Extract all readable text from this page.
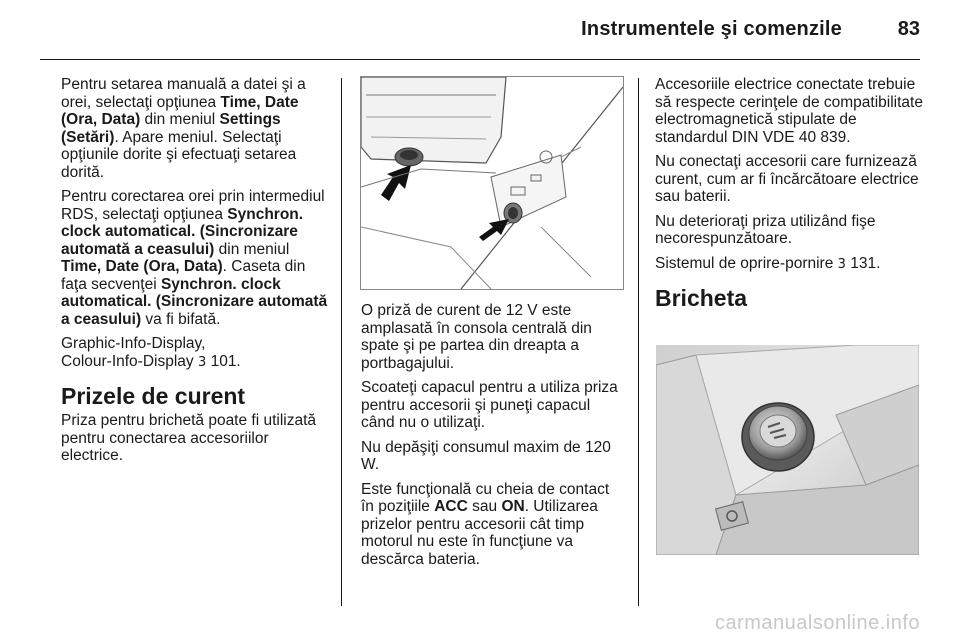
Instrumentele şi comenzile	83

Pentru setarea manuală a datei şi a orei, selectaţi opţiunea Time, Date (Ora, Data) din meniul Settings (Setări). Apare meniul. Selectaţi opţiunile dorite şi efectuaţi setarea dorită.

Pentru corectarea orei prin intermediul RDS, selectaţi opţiunea Synchron. clock automatical. (Sincronizare automată a ceasului) din meniul Time, Date (Ora, Data). Caseta din faţa secvenţei Synchron. clock automatical. (Sincronizare automată a ceasului) va fi bifată.

Graphic-Info-Display,
Colour-Info-Display 3 101.

Prizele de curent

Priza pentru brichetă poate fi utilizată pentru conectarea accesoriilor electrice.

O priză de curent de 12 V este amplasată în consola centrală din spate şi pe partea din dreapta a portbagajului.

Scoateţi capacul pentru a utiliza priza pentru accesorii şi puneţi capacul când nu o utilizaţi.

Nu depăşiţi consumul maxim de 120 W.

Este funcţională cu cheia de contact în poziţiile ACC sau ON. Utilizarea prizelor pentru accesorii cât timp motorul nu este în funcţiune va descărca bateria.

Accesoriile electrice conectate trebuie să respecte cerinţele de compatibilitate electromagnetică stipulate de standardul DIN VDE 40 839.

Nu conectaţi accesorii care furnizează curent, cum ar fi încărcătoare electrice sau baterii.

Nu deterioraţi priza utilizând fişe necorespunzătoare.

Sistemul de oprire-pornire 3 131.

Bricheta
carmanualsonline.info
